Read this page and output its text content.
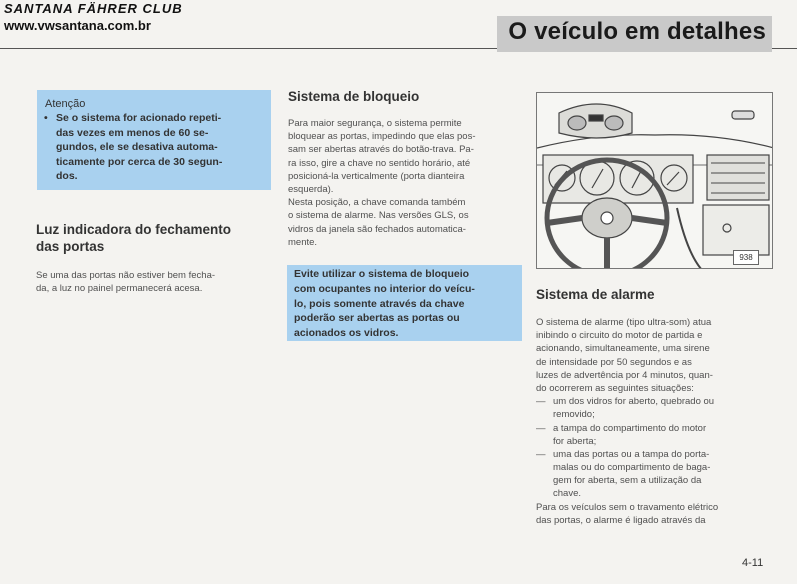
SANTANA FÄHRER CLUB
www.vwsantana.com.br	O veículo em detalhes
Atenção
• Se o sistema for acionado repeti-
das vezes em menos de 60 se-
gundos, ele se desativa automa-
ticamente por cerca de 30 segun-
dos.
Luz indicadora do fechamento
das portas
Se uma das portas não estiver bem fecha-
da, a luz no painel permanecerá acesa.
Sistema de bloqueio
Para maior segurança, o sistema permite
bloquear as portas, impedindo que elas pos-
sam ser abertas através do botão-trava. Pa-
ra isso, gire a chave no sentido horário, até
posicioná-la verticalmente (porta dianteira
esquerda).
Nesta posição, a chave comanda também
o sistema de alarme. Nas versões GLS, os
vidros da janela são fechados automatica-
mente.
Evite utilizar o sistema de bloqueio
com ocupantes no interior do veícu-
lo, pois somente através da chave
poderão ser abertas as portas ou
acionados os vidros.
938
Sistema de alarme
O sistema de alarme (tipo ultra-som) atua
inibindo o circuito do motor de partida e
acionando, simultaneamente, uma sirene
de intensidade por 50 segundos e as
luzes de advertência por 4 minutos, quan-
do ocorrerem as seguintes situações:
— um dos vidros for aberto, quebrado ou
removido;
— a tampa do compartimento do motor
for aberta;
— uma das portas ou a tampa do porta-
malas ou do compartimento de baga-
gem for aberta, sem a utilização da
chave.
Para os veículos sem o travamento elétrico
das portas, o alarme é ligado através da
4-11
